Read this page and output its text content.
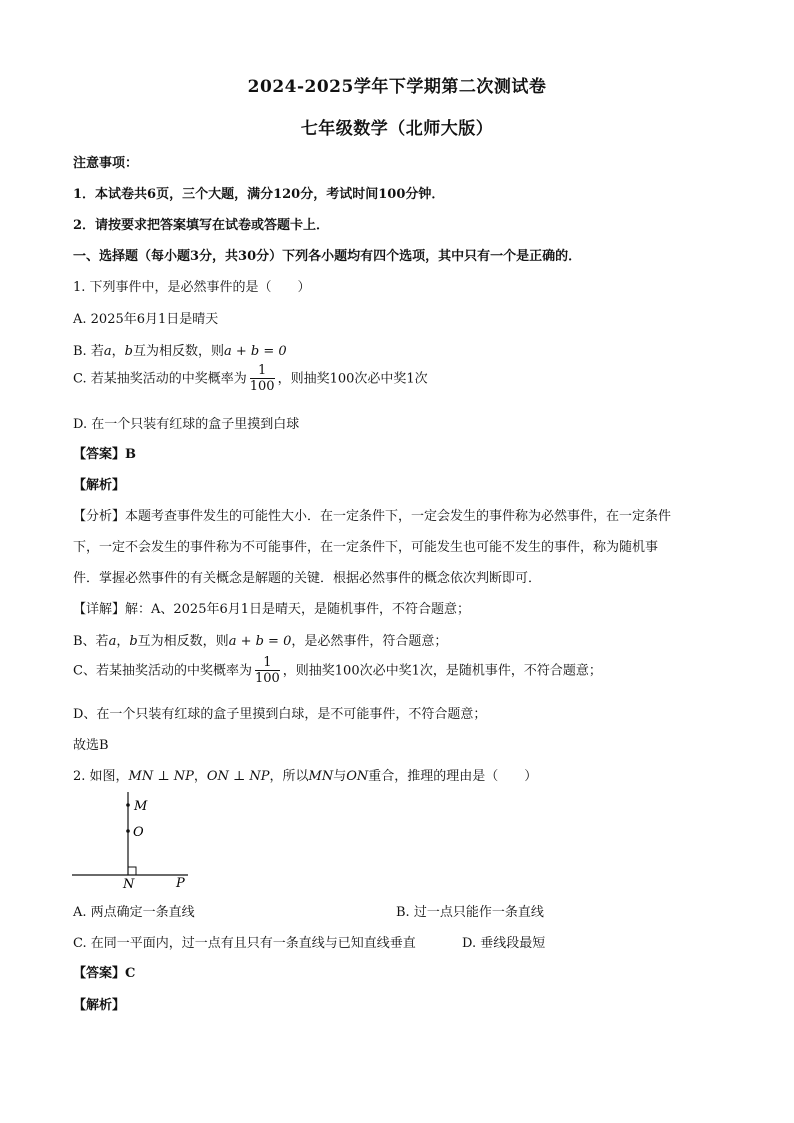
2024-2025学年下学期第二次测试卷
七年级数学（北师大版）
注意事项：
1．本试卷共6页，三个大题，满分120分，考试时间100分钟．
2．请按要求把答案填写在试卷或答题卡上．
一、选择题（每小题3分，共30分）下列各小题均有四个选项，其中只有一个是正确的．
1. 下列事件中，是必然事件的是（　　）
A. 2025年6月1日是晴天
B. 若a，b互为相反数，则a + b = 0
C. 若某抽奖活动的中奖概率为 $\frac{1}{100}$ ，则抽奖100次必中奖1次
D. 在一个只装有红球的盒子里摸到白球
【答案】B
【解析】
【分析】本题考查事件发生的可能性大小．在一定条件下，一定会发生的事件称为必然事件，在一定条件
下，一定不会发生的事件称为不可能事件，在一定条件下，可能发生也可能不发生的事件，称为随机事
件．掌握必然事件的有关概念是解题的关键．根据必然事件的概念依次判断即可．
【详解】解：A、2025年6月1日是晴天，是随机事件，不符合题意；
B、若a，b互为相反数，则a + b = 0，是必然事件，符合题意；
C、若某抽奖活动的中奖概率为 $\frac{1}{100}$ ，则抽奖100次必中奖1次，是随机事件，不符合题意；
D、在一个只装有红球的盒子里摸到白球，是不可能事件，不符合题意；
故选B
2. 如图，MN ⊥ NP，ON ⊥ NP，所以MN与ON重合，推理的理由是（　　）
M
O
N	P
A. 两点确定一条直线	B. 过一点只能作一条直线
C. 在同一平面内，过一点有且只有一条直线与已知直线垂直	D. 垂线段最短
【答案】C
【解析】
